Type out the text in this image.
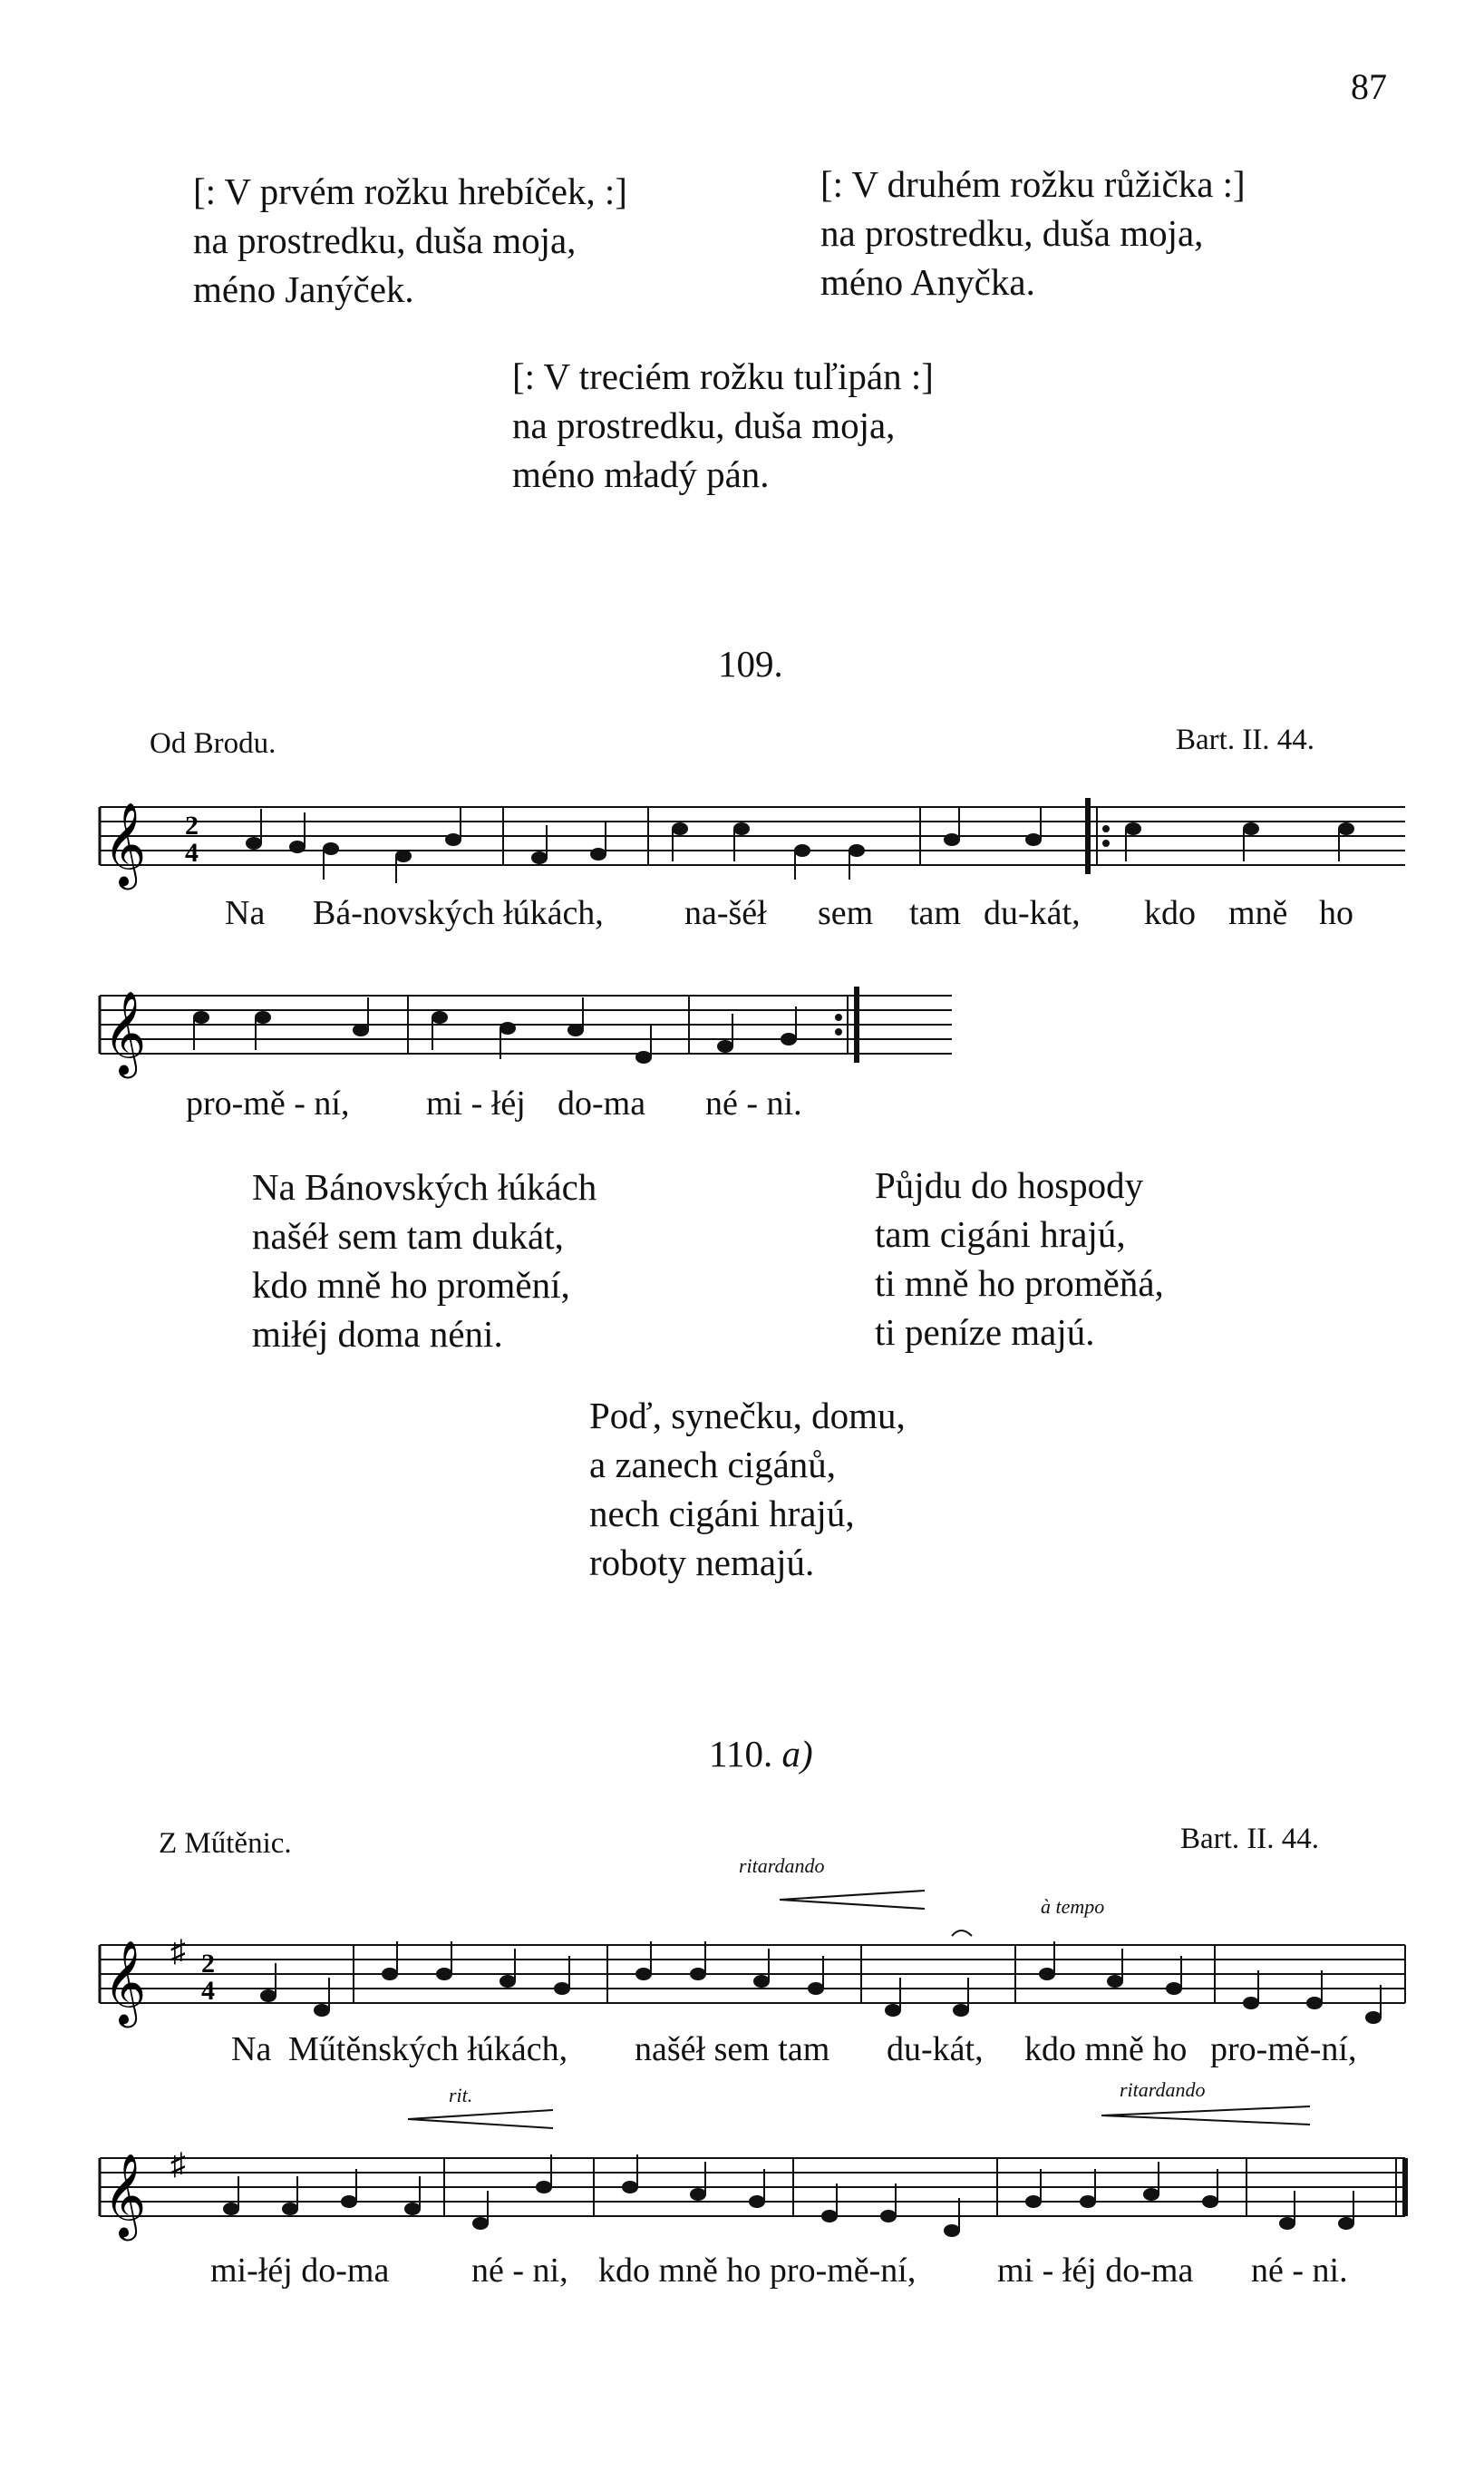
87
[: V prvém rožku hrebíček, :]
na prostredku, duša moja,
méno Janýček.
[: V druhém rožku růžička :]
na prostredku, duša moja,
méno Anyčka.
[: V treciém rožku tuľipán :]
na prostredku, duša moja,
méno mładý pán.
109.
Od Brodu.	Bart. II. 44.
𝄞 2
4
Na Bá-novských łúkách, na-šéł sem tam du-kát, kdo mně ho
𝄞
pro-mě - ní, mi - łéj do-ma né - ni.
Na Bánovských łúkách
našéł sem tam dukát,
kdo mně ho promění,
miłéj doma néni.
Půjdu do hospody
tam cigáni hrajú,
ti mně ho proměňá,
ti peníze majú.
Poď, synečku, domu,
a zanech cigánů,
nech cigáni hrajú,
roboty nemajú.
110. a)
Z Műtěnic.	Bart. II. 44.
ritardando
à tempo
𝄞 ♯ 2
4
Na Műtěnských łúkách, našéł sem tam du-kát, kdo mně ho pro-mě-ní,
rit.	ritardando
𝄞 ♯
mi-łéj do-ma né - ni, kdo mně ho pro-mě-ní, mi - łéj do-ma né - ni.
